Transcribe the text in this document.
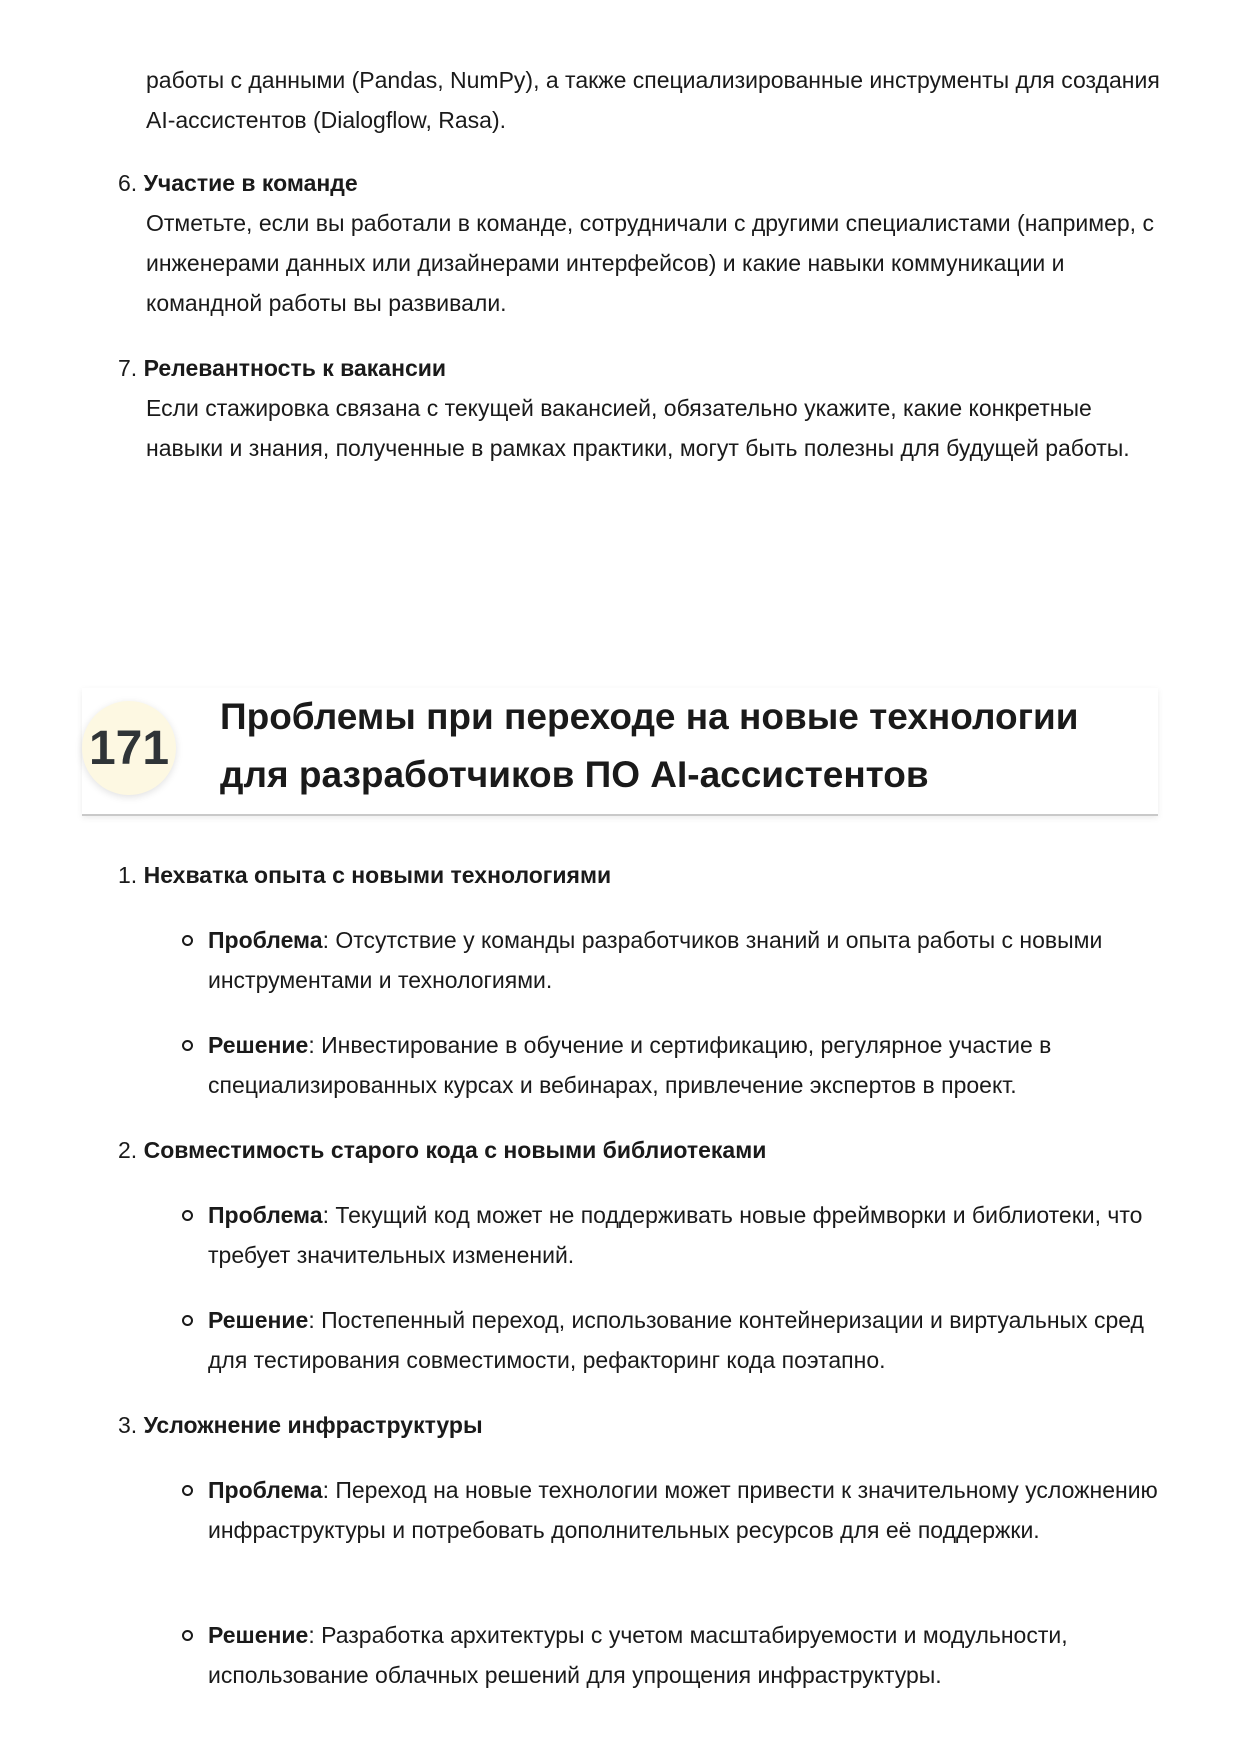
работы с данными (Pandas, NumPy), а также специализированные инструменты для создания AI-ассистентов (Dialogflow, Rasa).

6. Участие в команде

Отметьте, если вы работали в команде, сотрудничали с другими специалистами (например, с инженерами данных или дизайнерами интерфейсов) и какие навыки коммуникации и командной работы вы развивали.

7. Релевантность к вакансии

Если стажировка связана с текущей вакансией, обязательно укажите, какие конкретные навыки и знания, полученные в рамках практики, могут быть полезны для будущей работы.

171
Проблемы при переходе на новые технологии
для разработчиков ПО AI-ассистентов

1. Нехватка опыта с новыми технологиями

Проблема: Отсутствие у команды разработчиков знаний и опыта работы с новыми инструментами и технологиями.

Решение: Инвестирование в обучение и сертификацию, регулярное участие в специализированных курсах и вебинарах, привлечение экспертов в проект.

2. Совместимость старого кода с новыми библиотеками

Проблема: Текущий код может не поддерживать новые фреймворки и библиотеки, что требует значительных изменений.

Решение: Постепенный переход, использование контейнеризации и виртуальных сред для тестирования совместимости, рефакторинг кода поэтапно.

3. Усложнение инфраструктуры

Проблема: Переход на новые технологии может привести к значительному усложнению инфраструктуры и потребовать дополнительных ресурсов для её поддержки.

Решение: Разработка архитектуры с учетом масштабируемости и модульности, использование облачных решений для упрощения инфраструктуры.
